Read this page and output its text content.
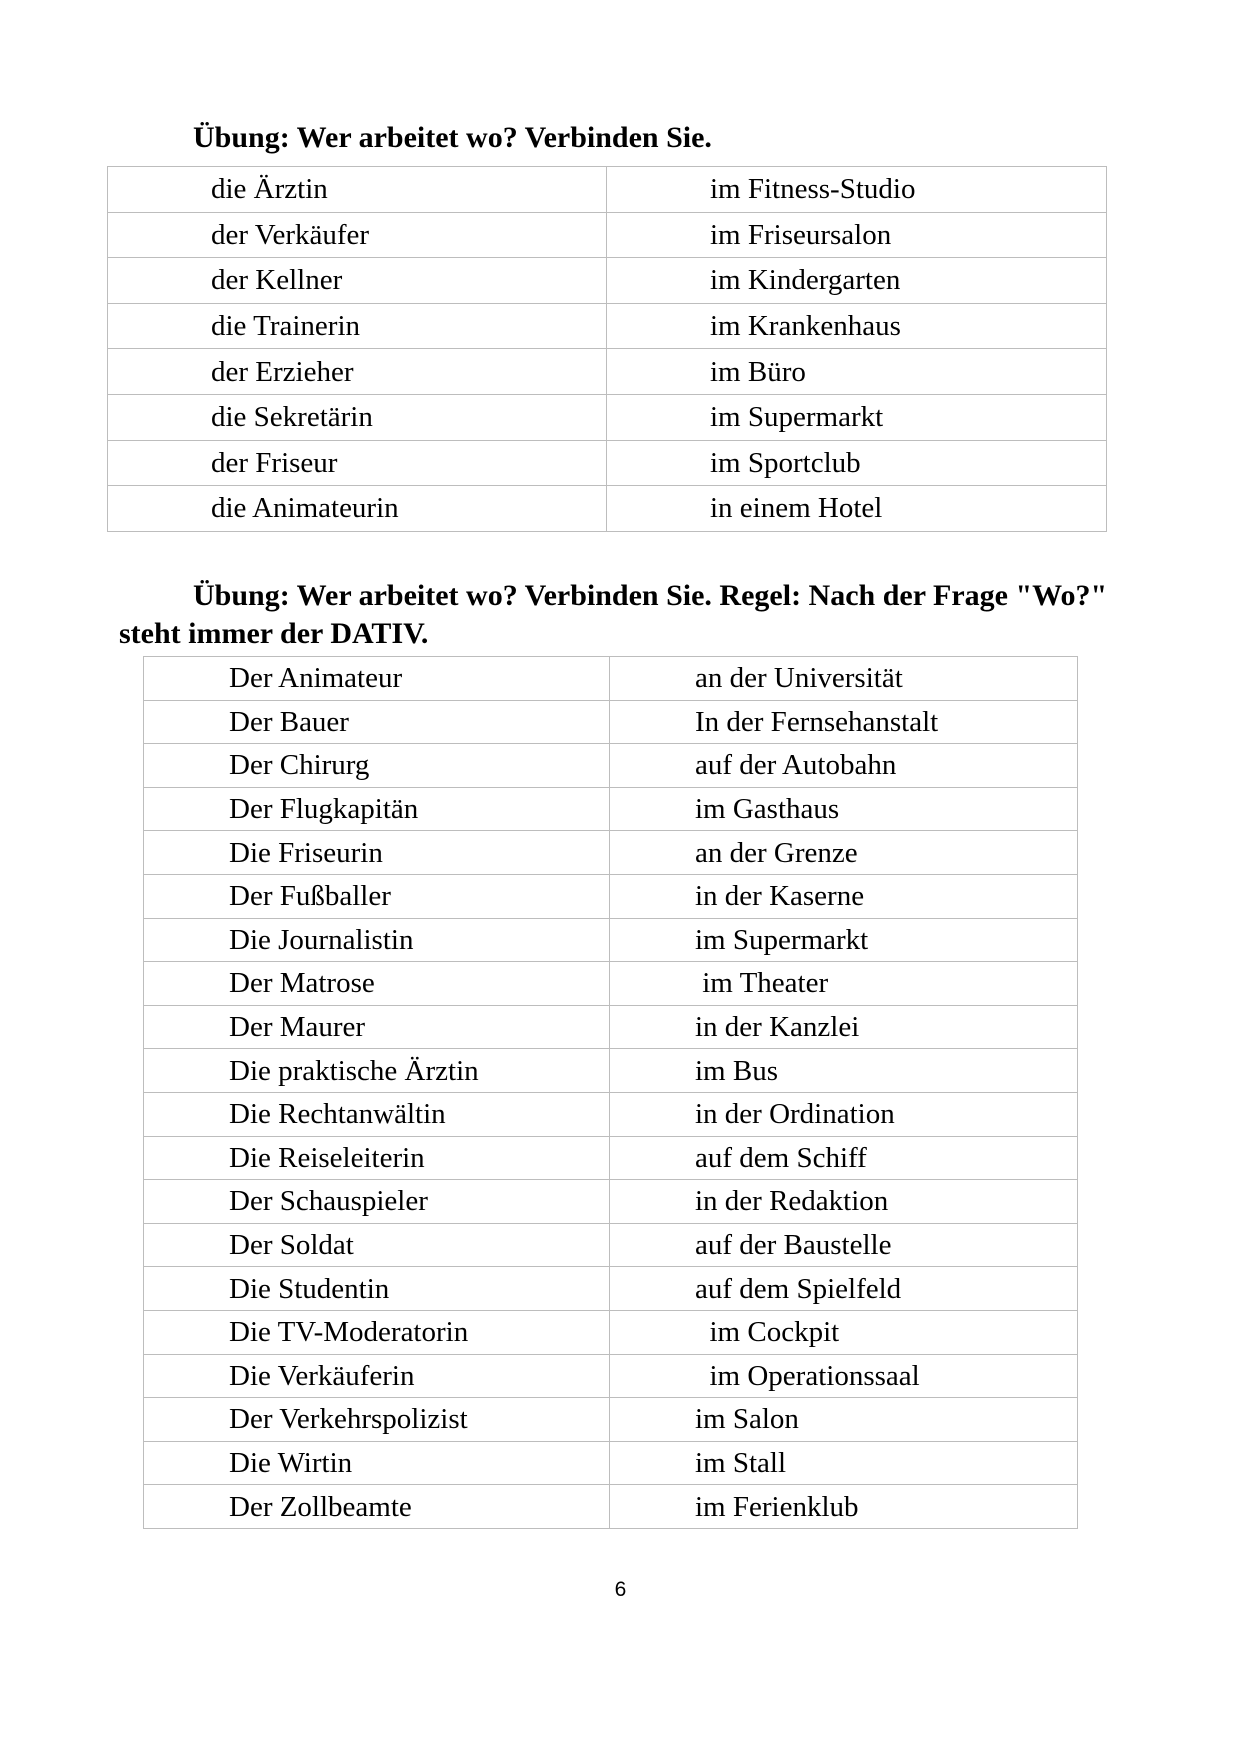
Übung: Wer arbeitet wo? Verbinden Sie.
die Ärztin	im Fitness-Studio
der Verkäufer	im Friseursalon
der Kellner	im Kindergarten
die Trainerin	im Krankenhaus
der Erzieher	im Büro
die Sekretärin	im Supermarkt
der Friseur	im Sportclub
die Animateurin	in einem Hotel
Übung: Wer arbeitet wo? Verbinden Sie. Regel: Nach der Frage "Wo?" steht immer der DATIV.
Der Animateur	an der Universität
Der Bauer	In der Fernsehanstalt
Der Chirurg	auf der Autobahn
Der Flugkapitän	im Gasthaus
Die Friseurin	an der Grenze
Der Fußballer	in der Kaserne
Die Journalistin	im Supermarkt
Der Matrose	im Theater
Der Maurer	in der Kanzlei
Die praktische Ärztin	im Bus
Die Rechtanwältin	in der Ordination
Die Reiseleiterin	auf dem Schiff
Der Schauspieler	in der Redaktion
Der Soldat	auf der Baustelle
Die Studentin	auf dem Spielfeld
Die TV-Moderatorin	im Cockpit
Die Verkäuferin	im Operationssaal
Der Verkehrspolizist	im Salon
Die Wirtin	im Stall
Der Zollbeamte	im Ferienklub
6
